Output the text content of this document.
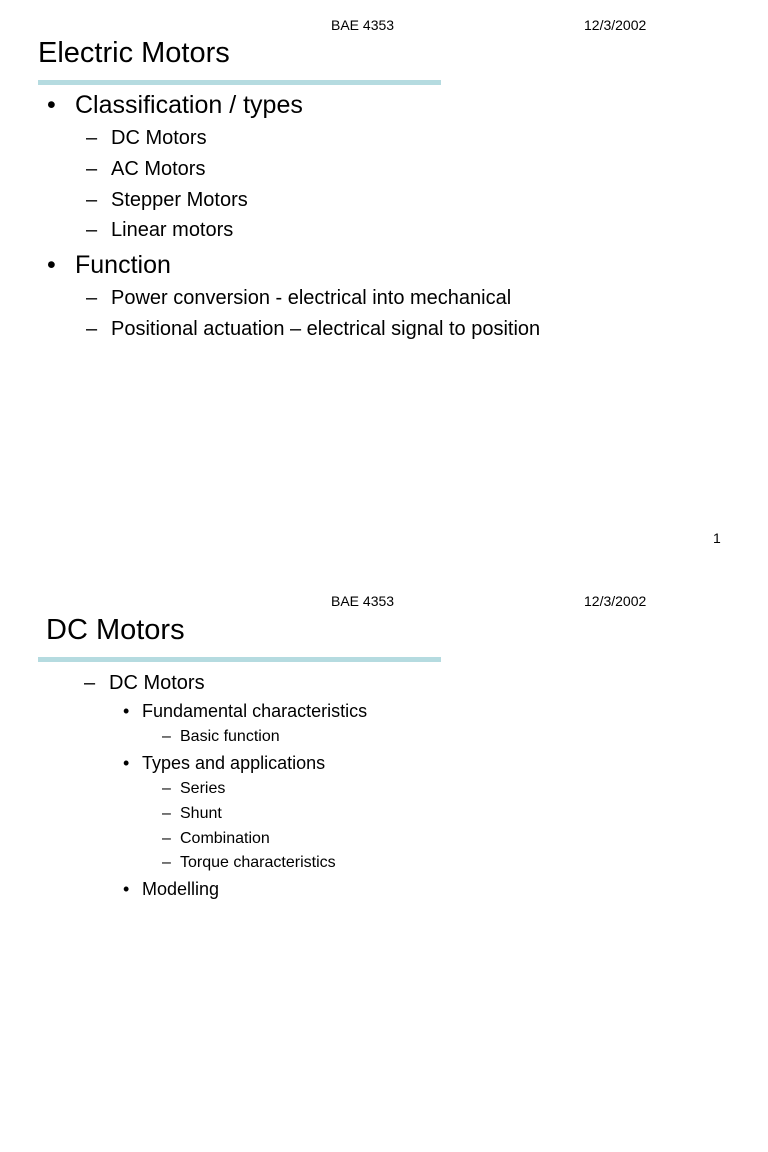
BAE 4353	12/3/2002
Electric Motors
• Classification / types
– DC Motors
– AC Motors
– Stepper Motors
– Linear motors
• Function
– Power conversion - electrical into mechanical
– Positional actuation – electrical signal to position
1
BAE 4353	12/3/2002
DC Motors
– DC Motors
• Fundamental characteristics
– Basic function
• Types and applications
– Series
– Shunt
– Combination
– Torque characteristics
• Modelling
